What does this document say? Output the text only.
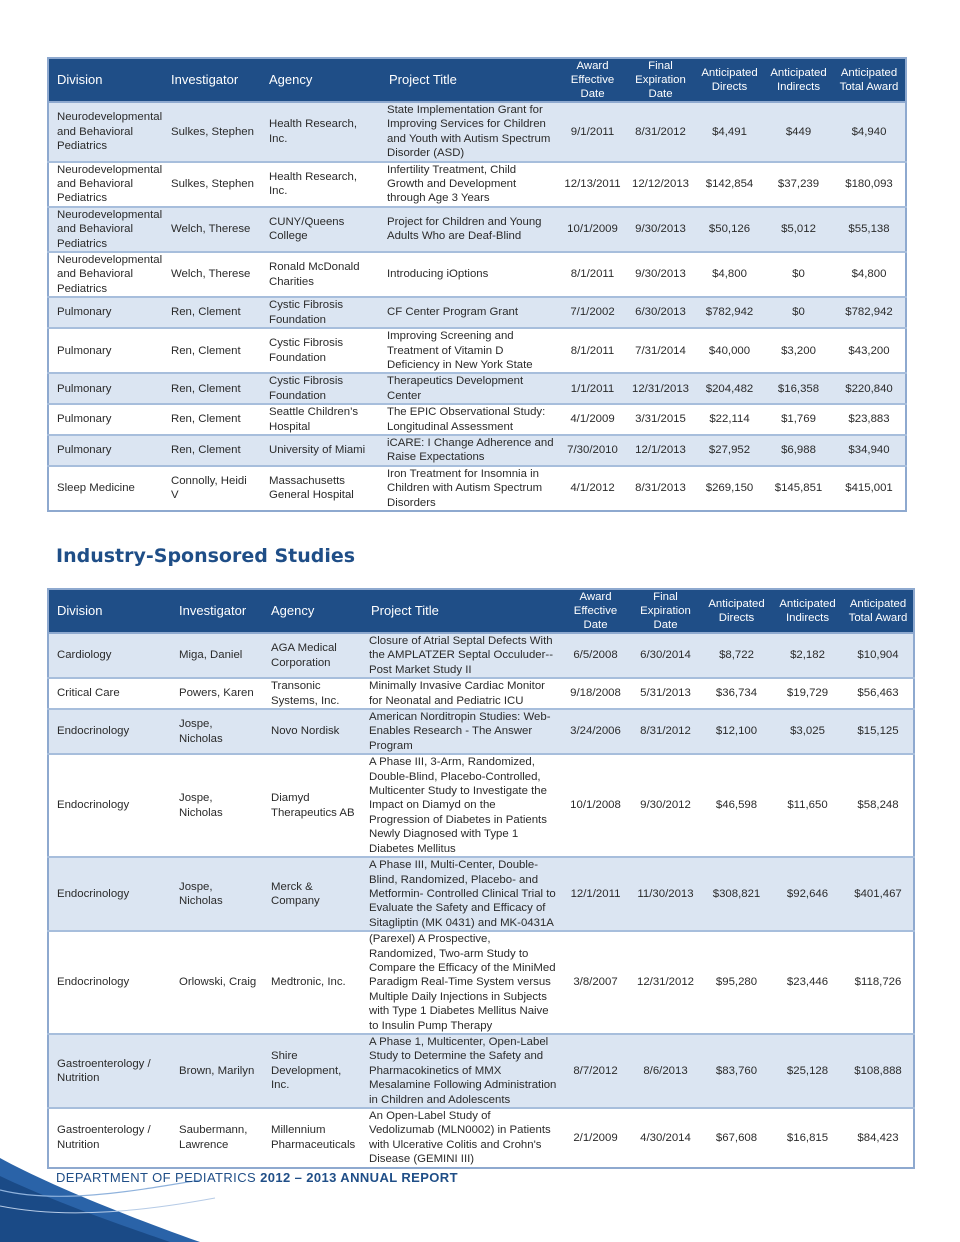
Division	Investigator	Agency	Project Title	Award Effective Date	Final Expiration Date	Anticipated Directs	Anticipated Indirects	Anticipated Total Award
Neurodevelopmental and Behavioral Pediatrics	Sulkes, Stephen	Health Research, Inc.	State Implementation Grant for Improving Services for Children and Youth with Autism Spectrum Disorder (ASD)	9/1/2011	8/31/2012	$4,491	$449	$4,940
Neurodevelopmental and Behavioral Pediatrics	Sulkes, Stephen	Health Research, Inc.	Infertility Treatment, Child Growth and Development through Age 3 Years	12/13/2011	12/12/2013	$142,854	$37,239	$180,093
Neurodevelopmental and Behavioral Pediatrics	Welch, Therese	CUNY/Queens College	Project for Children and Young Adults Who are Deaf-Blind	10/1/2009	9/30/2013	$50,126	$5,012	$55,138
Neurodevelopmental and Behavioral Pediatrics	Welch, Therese	Ronald McDonald Charities	Introducing iOptions	8/1/2011	9/30/2013	$4,800	$0	$4,800
Pulmonary	Ren, Clement	Cystic Fibrosis Foundation	CF Center Program Grant	7/1/2002	6/30/2013	$782,942	$0	$782,942
Pulmonary	Ren, Clement	Cystic Fibrosis Foundation	Improving Screening and Treatment of Vitamin D Deficiency in New York State	8/1/2011	7/31/2014	$40,000	$3,200	$43,200
Pulmonary	Ren, Clement	Cystic Fibrosis Foundation	Therapeutics Development Center	1/1/2011	12/31/2013	$204,482	$16,358	$220,840
Pulmonary	Ren, Clement	Seattle Children’s Hospital	The EPIC Observational Study: Longitudinal Assessment	4/1/2009	3/31/2015	$22,114	$1,769	$23,883
Pulmonary	Ren, Clement	University of Miami	iCARE: I Change Adherence and Raise Expectations	7/30/2010	12/1/2013	$27,952	$6,988	$34,940
Sleep Medicine	Connolly, Heidi V	Massachusetts General Hospital	Iron Treatment for Insomnia in Children with Autism Spectrum Disorders	4/1/2012	8/31/2013	$269,150	$145,851	$415,001
Industry-Sponsored Studies
Division	Investigator	Agency	Project Title	Award Effective Date	Final Expiration Date	Anticipated Directs	Anticipated Indirects	Anticipated Total Award
Cardiology	Miga, Daniel	AGA Medical Corporation	Closure of Atrial Septal Defects With the AMPLATZER Septal Occuluder--Post Market Study II	6/5/2008	6/30/2014	$8,722	$2,182	$10,904
Critical Care	Powers, Karen	Transonic Systems, Inc.	Minimally Invasive Cardiac Monitor for Neonatal and Pediatric ICU	9/18/2008	5/31/2013	$36,734	$19,729	$56,463
Endocrinology	Jospe, Nicholas	Novo Nordisk	American Norditropin Studies: Web-Enables Research - The Answer Program	3/24/2006	8/31/2012	$12,100	$3,025	$15,125
Endocrinology	Jospe, Nicholas	Diamyd Therapeutics AB	A Phase III, 3-Arm, Randomized, Double-Blind, Placebo-Controlled, Multicenter Study to Investigate the Impact on Diamyd on the Progression of Diabetes in Patients Newly Diagnosed with Type 1 Diabetes Mellitus	10/1/2008	9/30/2012	$46,598	$11,650	$58,248
Endocrinology	Jospe, Nicholas	Merck & Company	A Phase III, Multi-Center, Double-Blind, Randomized, Placebo- and Metformin- Controlled Clinical Trial to Evaluate the Safety and Efficacy of Sitagliptin (MK 0431) and MK-0431A	12/1/2011	11/30/2013	$308,821	$92,646	$401,467
Endocrinology	Orlowski, Craig	Medtronic, Inc.	(Parexel) A Prospective, Randomized, Two-arm Study to Compare the Efficacy of the MiniMed Paradigm Real-Time System versus Multiple Daily Injections in Subjects with Type 1 Diabetes Mellitus Naive to Insulin Pump Therapy	3/8/2007	12/31/2012	$95,280	$23,446	$118,726
Gastroenterology / Nutrition	Brown, Marilyn	Shire Development, Inc.	A Phase 1, Multicenter, Open-Label Study to Determine the Safety and Pharmacokinetics of MMX Mesalamine Following Administration in Children and Adolescents	8/7/2012	8/6/2013	$83,760	$25,128	$108,888
Gastroenterology / Nutrition	Saubermann, Lawrence	Millennium Pharmaceuticals	An Open-Label Study of Vedolizumab (MLN0002) in Patients with Ulcerative Colitis and Crohn's Disease (GEMINI III)	2/1/2009	4/30/2014	$67,608	$16,815	$84,423
DEPARTMENT OF PEDIATRICS 2012 – 2013 ANNUAL REPORT
